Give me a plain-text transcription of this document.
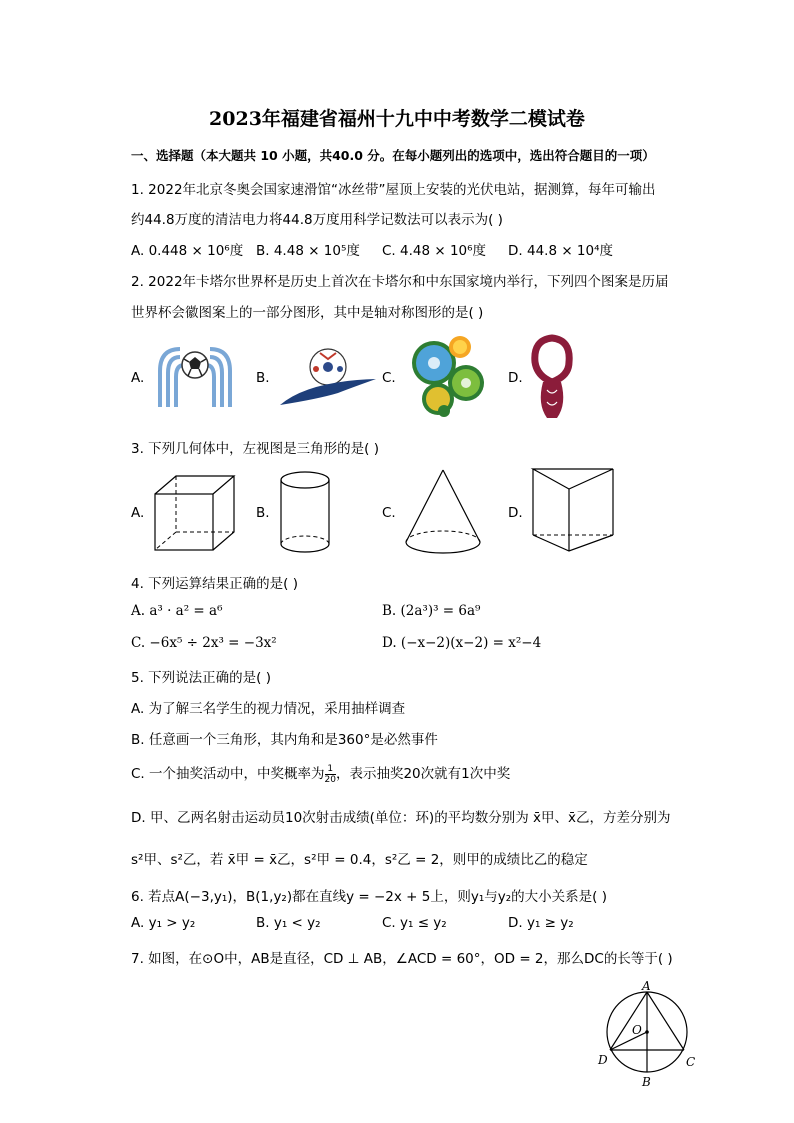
2023年福建省福州十九中中考数学二模试卷
一、选择题（本大题共 10 小题，共40.0 分。在每小题列出的选项中，选出符合题目的一项）
1. 2022年北京冬奥会国家速滑馆“冰丝带”屋顶上安装的光伏电站，据测算，每年可输出
约44.8万度的清洁电力将44.8万度用科学记数法可以表示为( )
A. 0.448 × 10⁶度 B. 4.48 × 10⁵度 C. 4.48 × 10⁶度 D. 44.8 × 10⁴度
2. 2022年卡塔尔世界杯是历史上首次在卡塔尔和中东国家境内举行，下列四个图案是历届
世界杯会徽图案上的一部分图形，其中是轴对称图形的是( )
A.	B.	C.	D.
3. 下列几何体中，左视图是三角形的是( )
A.	B.	C.	D.
4. 下列运算结果正确的是( )
A. a³ · a² = a⁶	B. (2a³)³ = 6a⁹
C. −6x⁵ ÷ 2x³ = −3x²	D. (−x−2)(x−2) = x²−4
5. 下列说法正确的是( )
A. 为了解三名学生的视力情况，采用抽样调查
B. 任意画一个三角形，其内角和是360°是必然事件
C. 一个抽奖活动中，中奖概率为 $\frac{1}{20}$ ，表示抽奖20次就有1次中奖
D. 甲、乙两名射击运动员10次射击成绩(单位：环)的平均数分别为 x̄甲、x̄乙，方差分别为
s²甲、s²乙，若 x̄甲 = x̄乙，s²甲 = 0.4，s²乙 = 2，则甲的成绩比乙的稳定
6. 若点A(−3,y₁)，B(1,y₂)都在直线y = −2x + 5上，则y₁与y₂的大小关系是( )
A. y₁ > y₂	B. y₁ < y₂	C. y₁ ≤ y₂	D. y₁ ≥ y₂
7. 如图，在⊙O中，AB是直径，CD ⊥ AB，∠ACD = 60°，OD = 2，那么DC的长等于( )
A
O
D	C
B
